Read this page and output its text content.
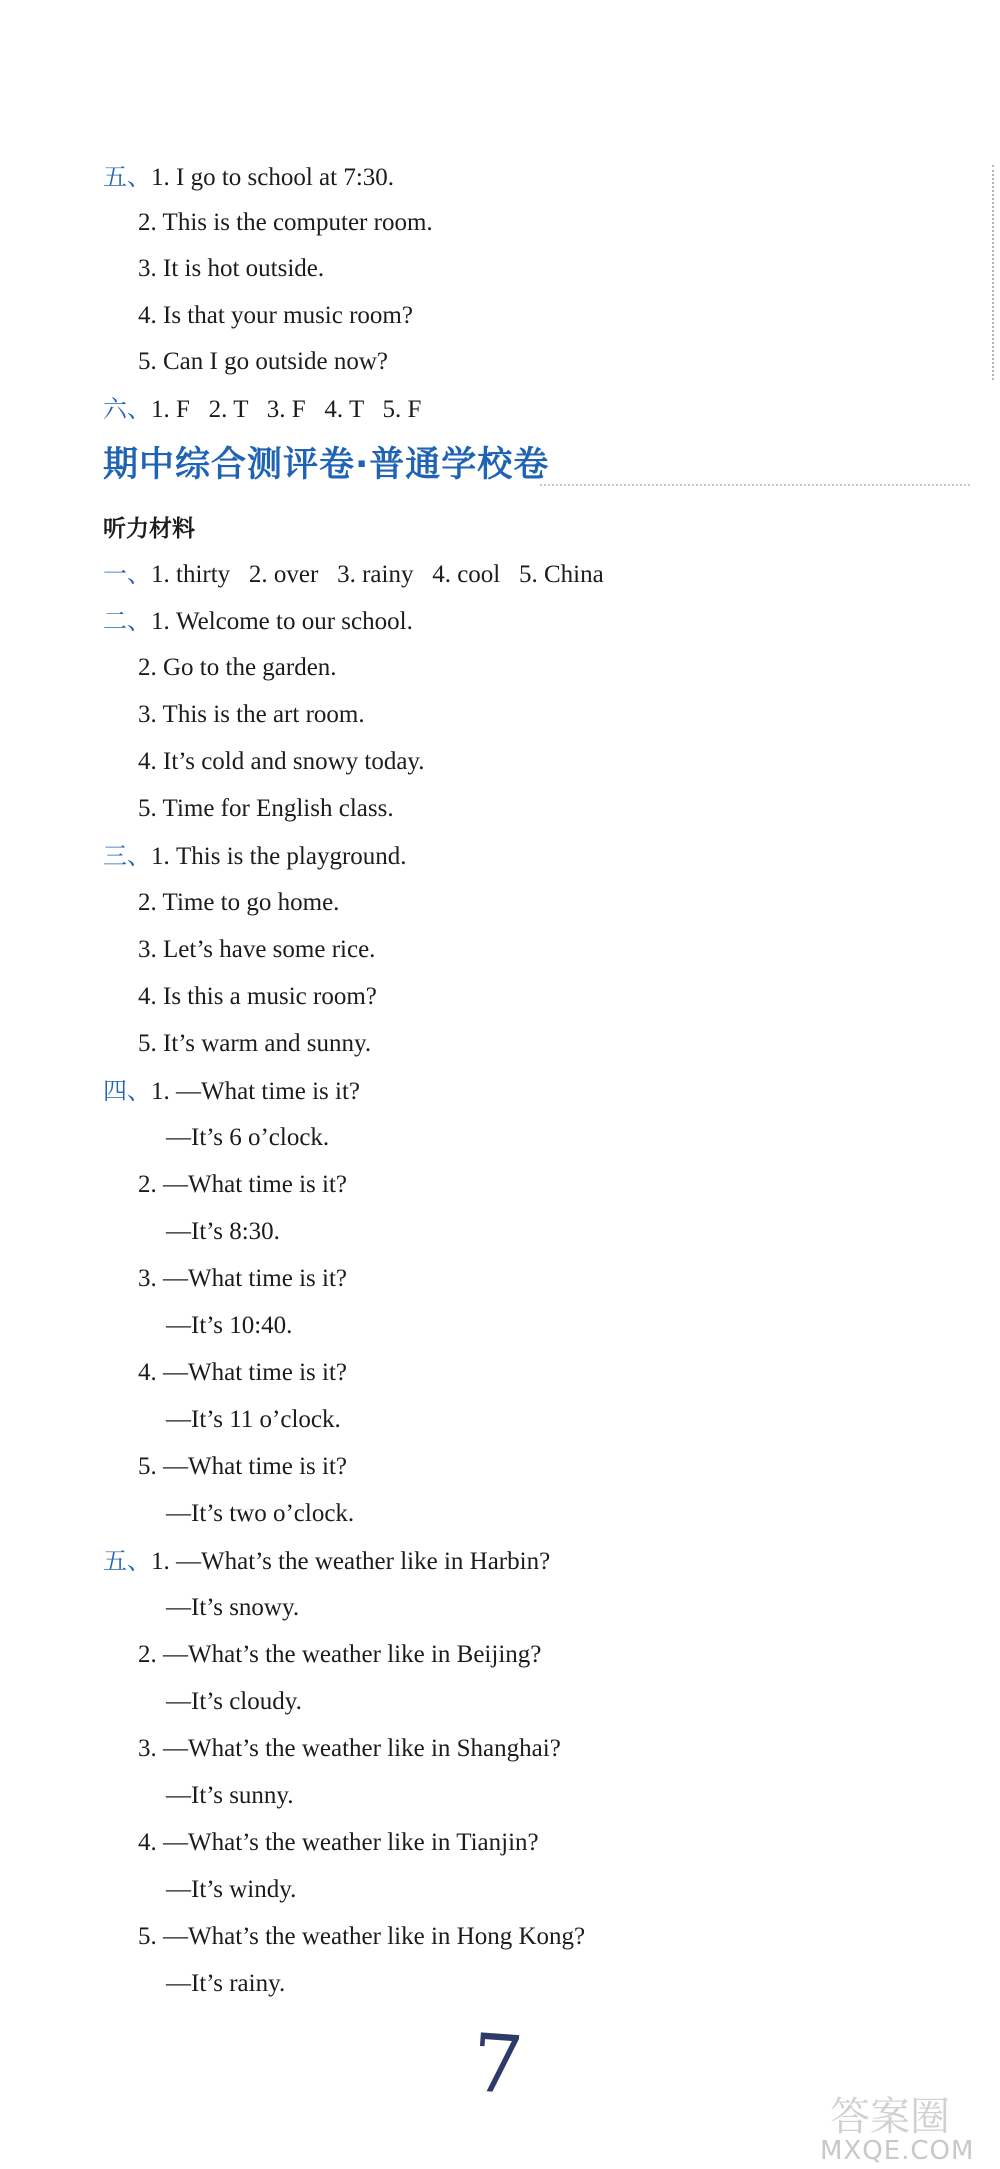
五、1. I go to school at 7:30.
2. This is the computer room.
3. It is hot outside.
4. Is that your music room?
5. Can I go outside now?
六、1. F   2. T   3. F   4. T   5. F
期中综合测评卷·普通学校卷
听力材料
一、1. thirty   2. over   3. rainy   4. cool   5. China
二、1. Welcome to our school.
2. Go to the garden.
3. This is the art room.
4. It’s cold and snowy today.
5. Time for English class.
三、1. This is the playground.
2. Time to go home.
3. Let’s have some rice.
4. Is this a music room?
5. It’s warm and sunny.
四、1. —What time is it?
—It’s 6 o’clock.
2. —What time is it?
—It’s 8:30.
3. —What time is it?
—It’s 10:40.
4. —What time is it?
—It’s 11 o’clock.
5. —What time is it?
—It’s two o’clock.
五、1. —What’s the weather like in Harbin?
—It’s snowy.
2. —What’s the weather like in Beijing?
—It’s cloudy.
3. —What’s the weather like in Shanghai?
—It’s sunny.
4. —What’s the weather like in Tianjin?
—It’s windy.
5. —What’s the weather like in Hong Kong?
—It’s rainy.
7
答案圈
MXQE.COM
